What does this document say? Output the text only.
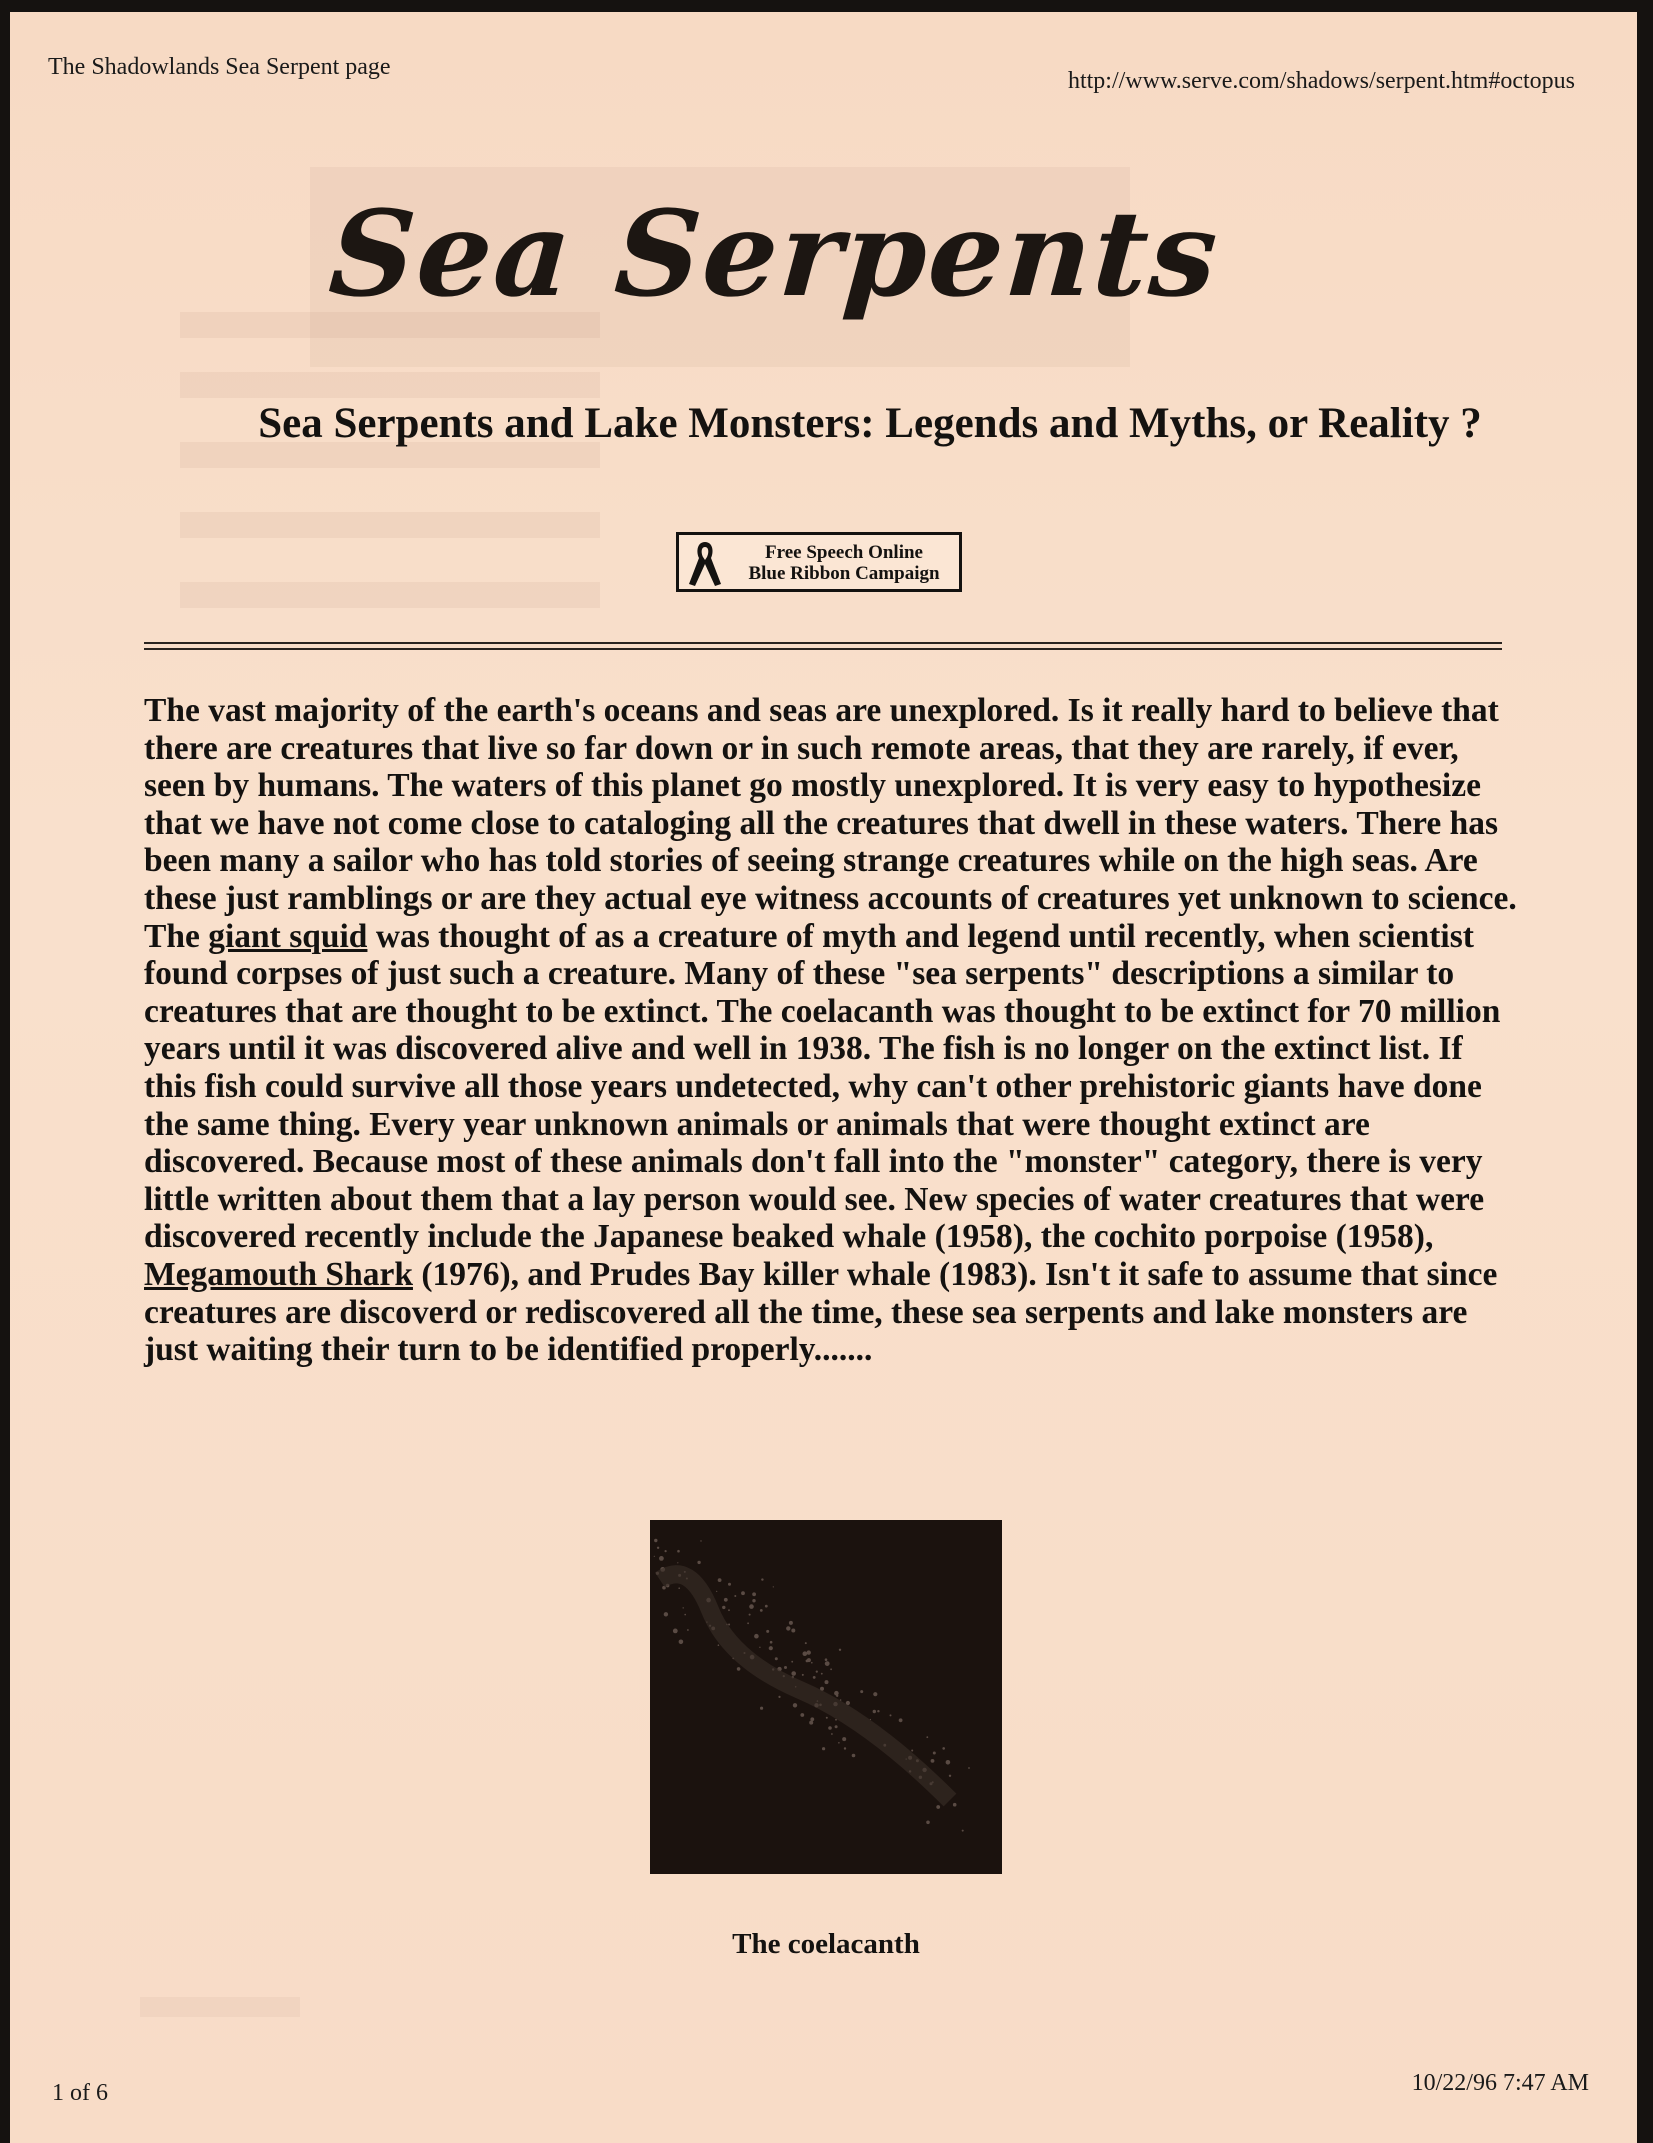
The Shadowlands Sea Serpent page
http://www.serve.com/shadows/serpent.htm#octopus
Sea Serpents
Sea Serpents and Lake Monsters: Legends and Myths, or Reality ?
Free Speech Online
Blue Ribbon Campaign
The vast majority of the earth's oceans and seas are unexplored. Is it really hard to believe that there are creatures that live so far down or in such remote areas, that they are rarely, if ever, seen by humans. The waters of this planet go mostly unexplored. It is very easy to hypothesize that we have not come close to cataloging all the creatures that dwell in these waters. There has been many a sailor who has told stories of seeing strange creatures while on the high seas. Are these just ramblings or are they actual eye witness accounts of creatures yet unknown to science. The giant squid was thought of as a creature of myth and legend until recently, when scientist found corpses of just such a creature. Many of these "sea serpents" descriptions a similar to creatures that are thought to be extinct. The coelacanth was thought to be extinct for 70 million years until it was discovered alive and well in 1938. The fish is no longer on the extinct list. If this fish could survive all those years undetected, why can't other prehistoric giants have done the same thing. Every year unknown animals or animals that were thought extinct are discovered. Because most of these animals don't fall into the "monster" category, there is very little written about them that a lay person would see. New species of water creatures that were discovered recently include the Japanese beaked whale (1958), the cochito porpoise (1958), Megamouth Shark (1976), and Prudes Bay killer whale (1983). Isn't it safe to assume that since creatures are discoverd or rediscovered all the time, these sea serpents and lake monsters are just waiting their turn to be identified properly.......
The coelacanth
1 of 6	10/22/96 7:47 AM
